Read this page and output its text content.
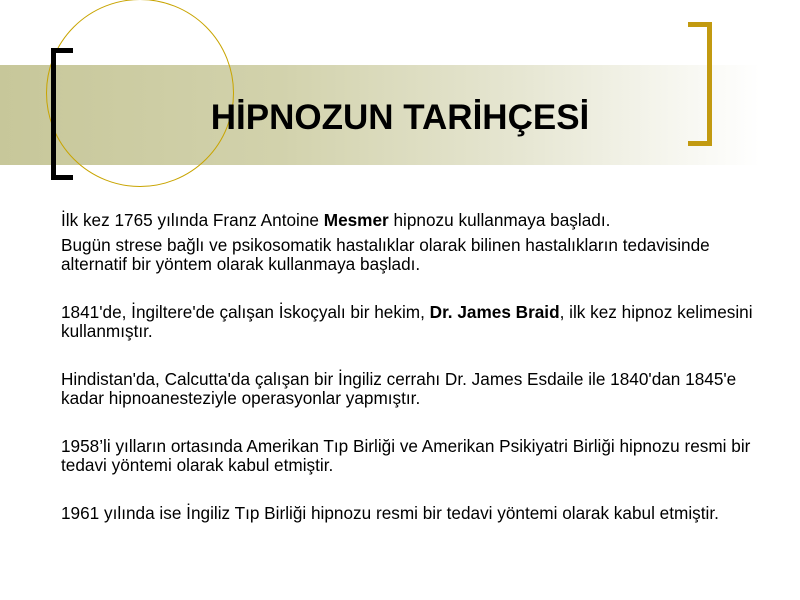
HİPNOZUN TARİHÇESİ

İlk kez 1765 yılında Franz Antoine Mesmer hipnozu kullanmaya başladı.

Bugün strese bağlı ve psikosomatik hastalıklar olarak bilinen hastalıkların tedavisinde alternatif bir yöntem olarak kullanmaya başladı.

1841'de, İngiltere'de çalışan İskoçyalı bir hekim, Dr. James Braid, ilk kez hipnoz kelimesini kullanmıştır.

Hindistan'da, Calcutta'da çalışan bir İngiliz cerrahı Dr. James Esdaile ile 1840'dan 1845'e kadar hipnoanesteziyle operasyonlar yapmıştır.

1958’li yılların ortasında Amerikan Tıp Birliği ve Amerikan Psikiyatri Birliği hipnozu resmi bir tedavi yöntemi olarak kabul etmiştir.

1961 yılında ise İngiliz Tıp Birliği hipnozu resmi bir tedavi yöntemi olarak kabul etmiştir.
